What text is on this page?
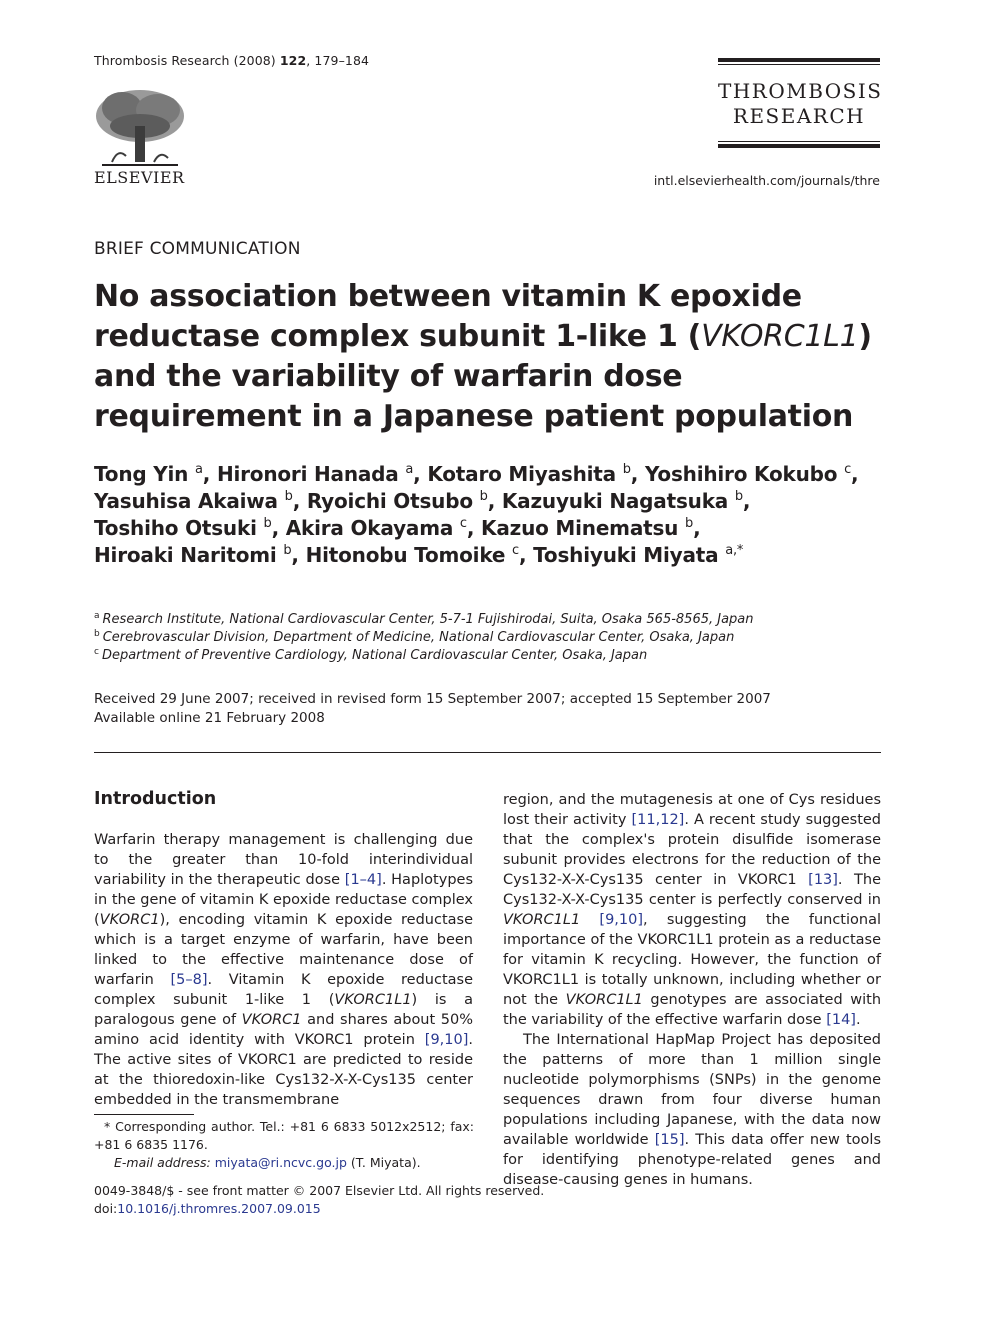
Thrombosis Research (2008) 122, 179–184
ELSEVIER
THROMBOSIS
RESEARCH
intl.elsevierhealth.com/journals/thre
BRIEF COMMUNICATION
No association between vitamin K epoxide reductase complex subunit 1-like 1 (VKORC1L1) and the variability of warfarin dose requirement in a Japanese patient population
Tong Yin $^a$, Hironori Hanada $^a$, Kotaro Miyashita $^b$, Yoshihiro Kokubo $^c$,
Yasuhisa Akaiwa $^b$, Ryoichi Otsubo $^b$, Kazuyuki Nagatsuka $^b$,
Toshiho Otsuki $^b$, Akira Okayama $^c$, Kazuo Minematsu $^b$,
Hiroaki Naritomi $^b$, Hitonobu Tomoike $^c$, Toshiyuki Miyata $^{a,*}$
$^a$ Research Institute, National Cardiovascular Center, 5-7-1 Fujishirodai, Suita, Osaka 565-8565, Japan
$^b$ Cerebrovascular Division, Department of Medicine, National Cardiovascular Center, Osaka, Japan
$^c$ Department of Preventive Cardiology, National Cardiovascular Center, Osaka, Japan
Received 29 June 2007; received in revised form 15 September 2007; accepted 15 September 2007
Available online 21 February 2008
Introduction

Warfarin therapy management is challenging due to the greater than 10-fold interindividual variability in the therapeutic dose [1–4]. Haplotypes in the gene of vitamin K epoxide reductase complex (VKORC1), encoding vitamin K epoxide reductase which is a target enzyme of warfarin, have been linked to the effective maintenance dose of warfarin [5–8]. Vitamin K epoxide reductase complex subunit 1-like 1 (VKORC1L1) is a paralogous gene of VKORC1 and shares about 50% amino acid identity with VKORC1 protein [9,10]. The active sites of VKORC1 are predicted to reside at the thioredoxin-like Cys132-X-X-Cys135 center embedded in the transmembrane

region, and the mutagenesis at one of Cys residues lost their activity [11,12]. A recent study suggested that the complex's protein disulfide isomerase subunit provides electrons for the reduction of the Cys132-X-X-Cys135 center in VKORC1 [13]. The Cys132-X-X-Cys135 center is perfectly conserved in VKORC1L1 [9,10], suggesting the functional importance of the VKORC1L1 protein as a reductase for vitamin K recycling. However, the function of VKORC1L1 is totally unknown, including whether or not the VKORC1L1 genotypes are associated with the variability of the effective warfarin dose [14].

The International HapMap Project has deposited the patterns of more than 1 million single nucleotide polymorphisms (SNPs) in the genome sequences drawn from four diverse human populations including Japanese, with the data now available worldwide [15]. This data offer new tools for identifying phenotype-related genes and disease-causing genes in humans.

* Corresponding author. Tel.: +81 6 6833 5012x2512; fax: +81 6 6835 1176.
E-mail address: miyata@ri.ncvc.go.jp (T. Miyata).
0049-3848/$ - see front matter © 2007 Elsevier Ltd. All rights reserved.
doi:10.1016/j.thromres.2007.09.015
